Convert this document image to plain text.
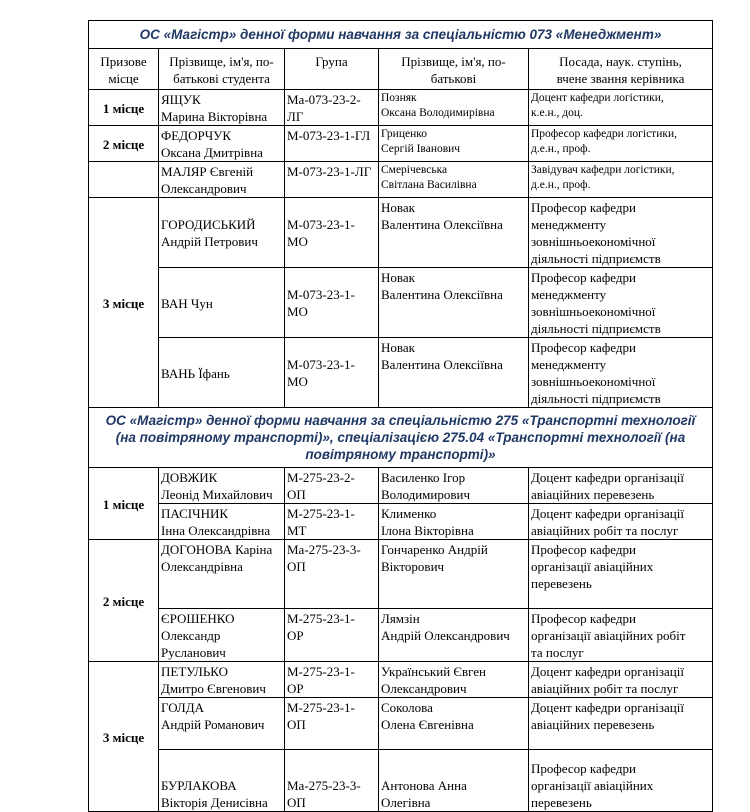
ОС «Магістр» денної форми навчання за спеціальністю 073 «Менеджмент»				

Призове
місце	Прізвище, ім'я, по-
батькові студента	Група	Прізвище, ім'я, по-
батькові	Посада, наук. ступінь,
вчене звання керівника

1 місце	ЯЩУК
Марина Вікторівна	Ма-073-23-2-
ЛГ	Позняк
Оксана Володимирівна	Доцент кафедри логістики,
к.е.н., доц.

2 місце	ФЕДОРЧУК
Оксана Дмитрівна	М-073-23-1-ГЛ	Гриценко
Сергій Іванович	Професор кафедри логістики,
д.е.н., проф.

	МАЛЯР Євгеній
Олександрович	М-073-23-1-ЛГ	Смерічевська
Світлана Василівна	Завідувач кафедри логістики,
д.е.н., проф.

3 місце	ГОРОДИСЬКИЙ
Андрій Петрович	М-073-23-1-
МО	Новак
Валентина Олексіївна	Професор кафедри
менеджменту
зовнішньоекономічної
діяльності підприємств

	ВАН Чун	М-073-23-1-
МО	Новак
Валентина Олексіївна	Професор кафедри
менеджменту
зовнішньоекономічної
діяльності підприємств

	ВАНЬ Їфань	М-073-23-1-
МО	Новак
Валентина Олексіївна	Професор кафедри
менеджменту
зовнішньоекономічної
діяльності підприємств

ОС «Магістр» денної форми навчання за спеціальністю 275 «Транспортні технології
(на повітряному транспорті)», спеціалізацією 275.04 «Транспортні технології (на
повітряному транспорті)»				

1 місце	ДОВЖИК
Леонід Михайлович	М-275-23-2-
ОП	Василенко Ігор
Володимирович	Доцент кафедри організації
авіаційних перевезень

	ПАСІЧНИК
Інна Олександрівна	М-275-23-1-
МТ	Клименко
Ілона Вікторівна	Доцент кафедри організації
авіаційних робіт та послуг

2 місце	ДОГОНОВА Каріна
Олександрівна	Ма-275-23-3-
ОП	Гончаренко Андрій
Вікторович	Професор кафедри
організації авіаційних
перевезень

	ЄРОШЕНКО
Олександр
Русланович	М-275-23-1-
ОР	Лямзін
Андрій Олександрович	Професор кафедри
організації авіаційних робіт
та послуг

3 місце	ПЕТУЛЬКО
Дмитро Євгенович	М-275-23-1-
ОР	Український Євген
Олександрович	Доцент кафедри організації
авіаційних робіт та послуг

	ГОЛДА
Андрій Романович	М-275-23-1-
ОП	Соколова
Олена Євгенівна	Доцент кафедри організації
авіаційних перевезень

	БУРЛАКОВА
Вікторія Денисівна	Ма-275-23-3-
ОП	Антонова Анна
Олегівна	Професор кафедри
організації авіаційних
перевезень
